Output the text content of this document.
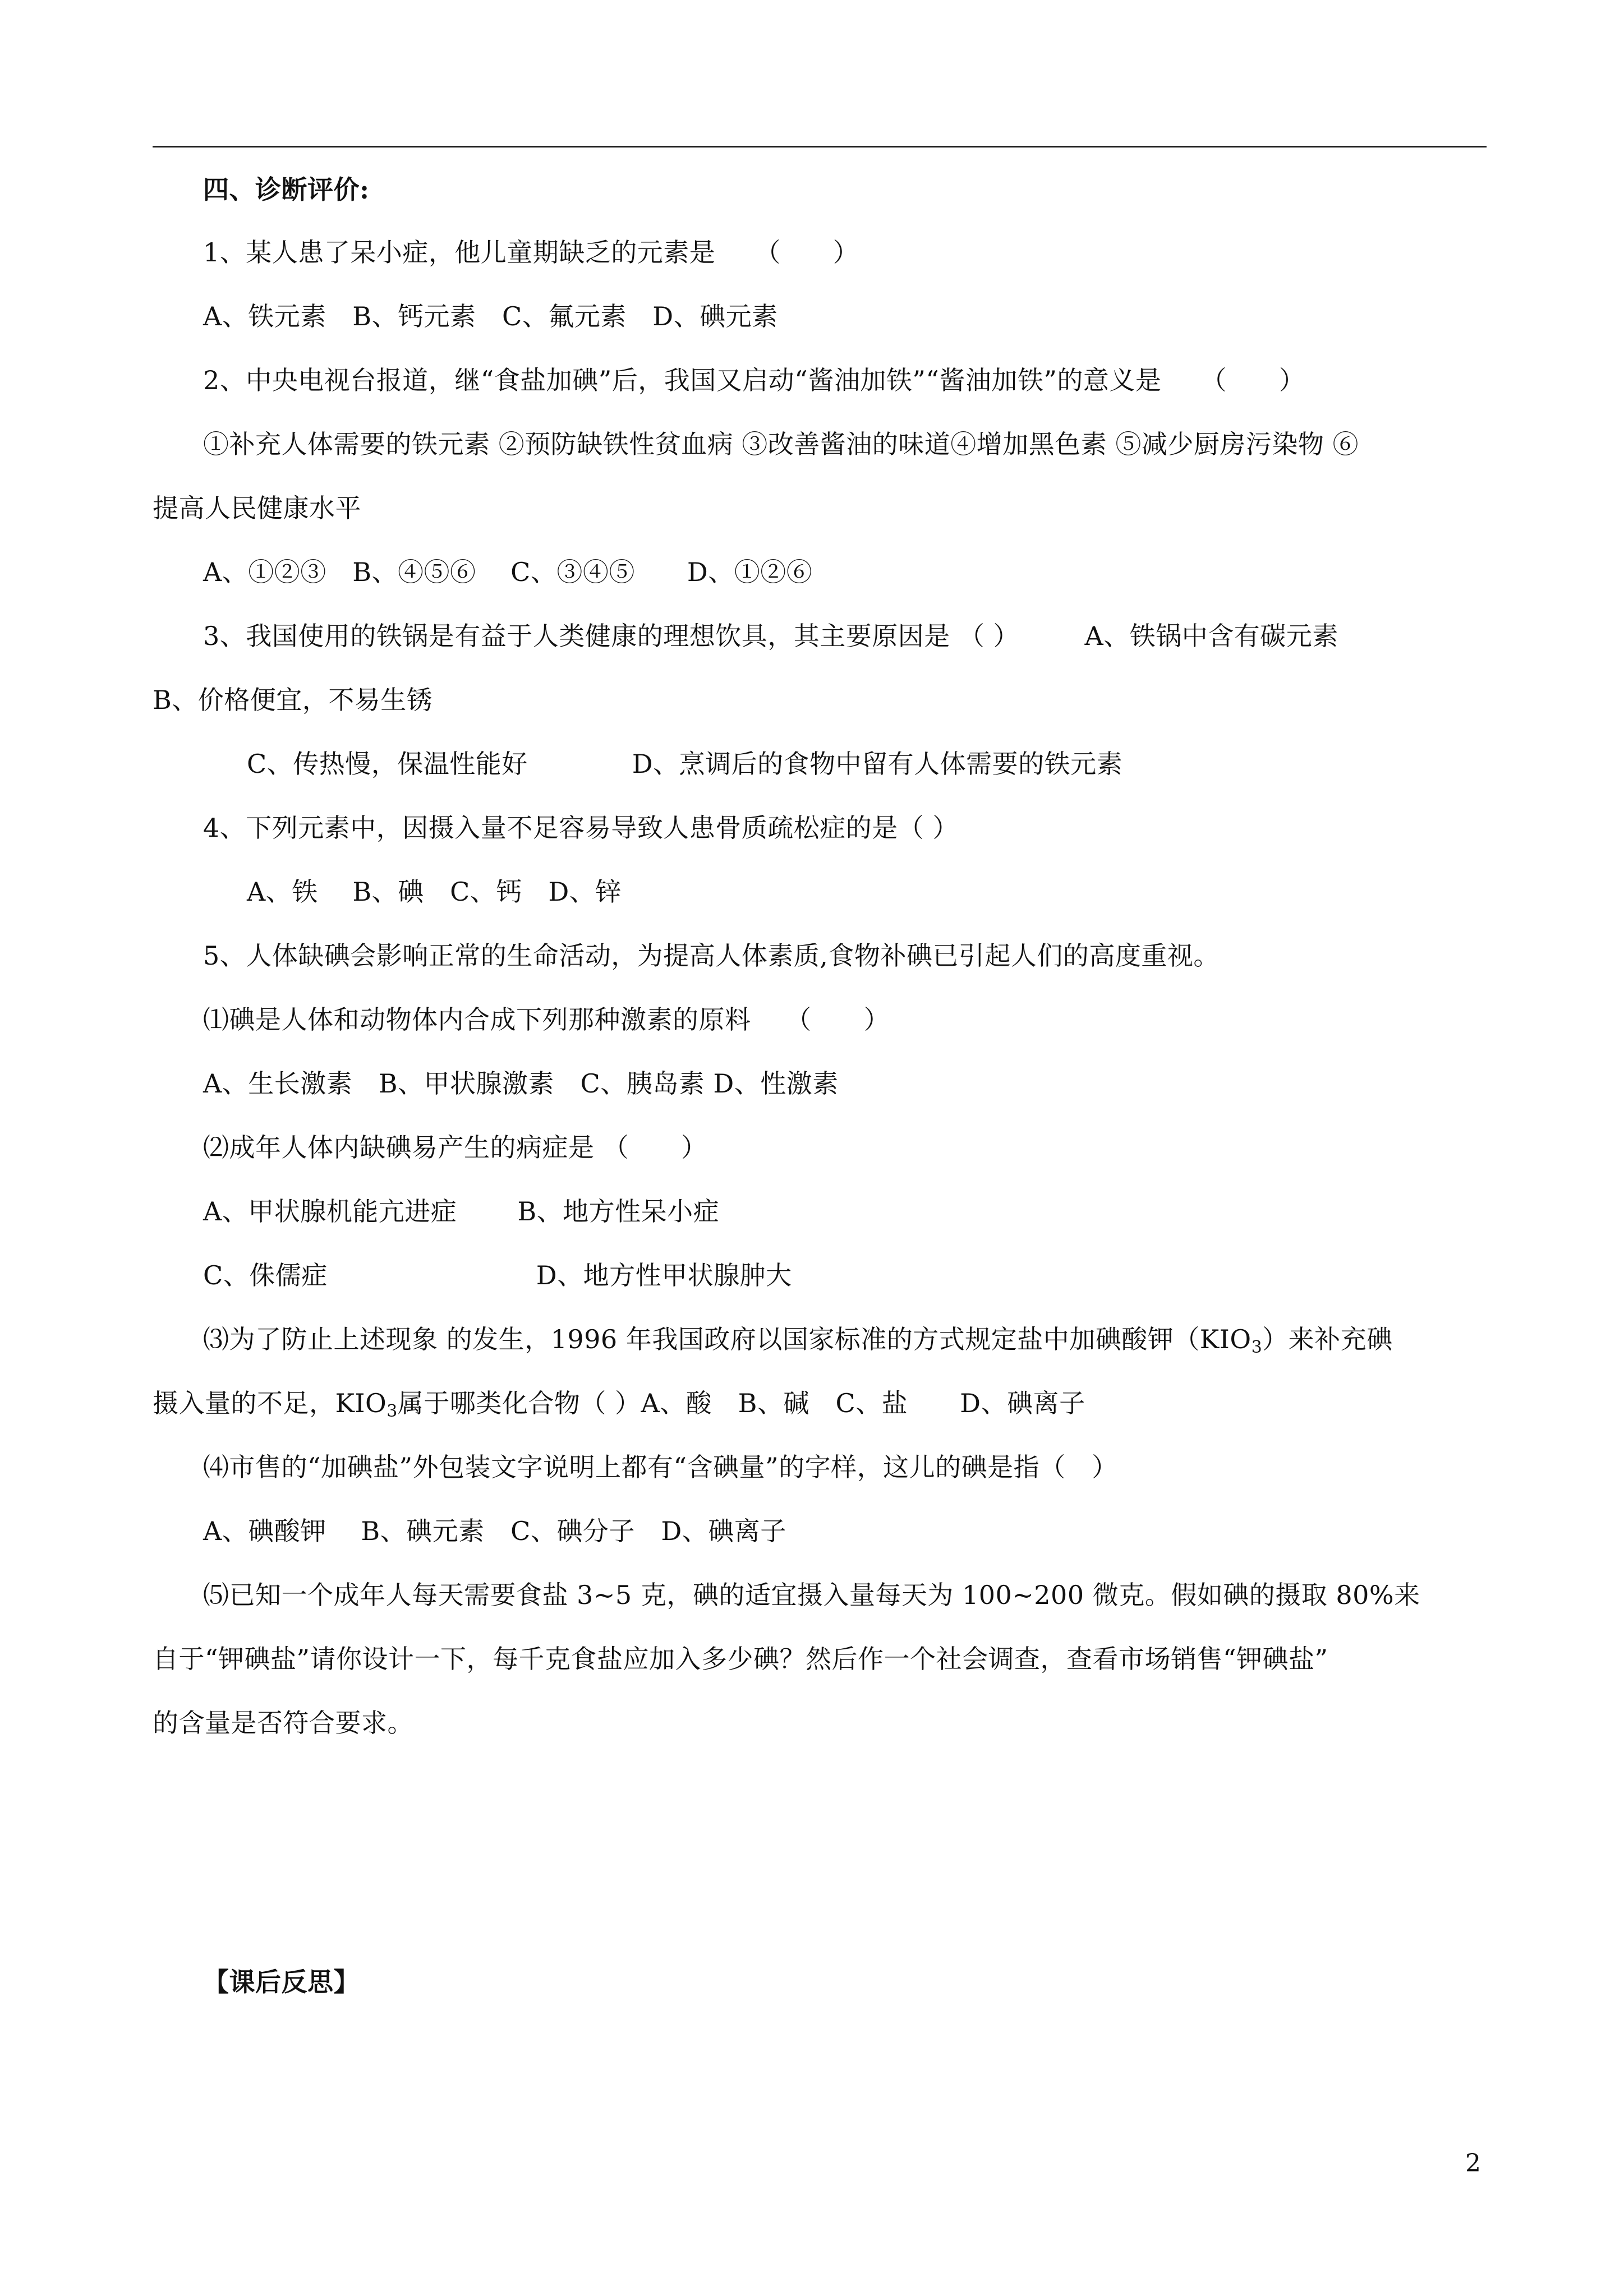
四、诊断评价:
1、某人患了呆小症，他儿童期缺乏的元素是　　（　　）
A、铁元素　B、钙元素　C、氟元素　D、碘元素
2、中央电视台报道，继“食盐加碘”后，我国又启动“酱油加铁”“酱油加铁”的意义是　　（　　）
①补充人体需要的铁元素 ②预防缺铁性贫血病 ③改善酱油的味道④增加黑色素 ⑤减少厨房污染物 ⑥
提高人民健康水平
A、①②③　B、④⑤⑥　 C、③④⑤　　D、①②⑥
3、我国使用的铁锅是有益于人类健康的理想饮具，其主要原因是 （ ）　　　A、铁锅中含有碳元素
B、价格便宜，不易生锈
C、传热慢，保温性能好　　　　D、烹调后的食物中留有人体需要的铁元素
4、下列元素中，因摄入量不足容易导致人患骨质疏松症的是（ ）
A、铁　 B、碘　C、钙　D、锌
5、人体缺碘会影响正常的生命活动，为提高人体素质,食物补碘已引起人们的高度重视。
⑴碘是人体和动物体内合成下列那种激素的原料　 （　　）
A、生长激素　B、甲状腺激素　C、胰岛素 D、性激素
⑵成年人体内缺碘易产生的病症是 （　　）
A、甲状腺机能亢进症　　 B、地方性呆小症
C、侏儒症　　　　　　　　D、地方性甲状腺肿大
⑶为了防止上述现象 的发生，1996 年我国政府以国家标准的方式规定盐中加碘酸钾$(KIO_3)$来补充碘
摄入量的不足，$KIO_3$属于哪类化合物（ ）A、酸　B、碱　C、盐　　D、碘离子
⑷市售的“加碘盐”外包装文字说明上都有“含碘量”的字样，这儿的碘是指（　）
A、碘酸钾　 B、碘元素　C、碘分子　D、碘离子
⑸已知一个成年人每天需要食盐 3~5 克，碘的适宜摄入量每天为 100~200 微克。假如碘的摄取 80%来
自于“钾碘盐”请你设计一下，每千克食盐应加入多少碘？然后作一个社会调查，查看市场销售“钾碘盐”
的含量是否符合要求。
【课后反思】
2
